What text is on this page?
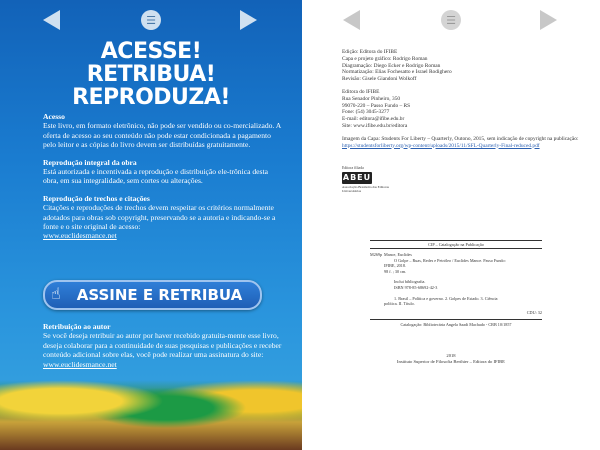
☰
ACESSE!
RETRIBUA!
REPRODUZA!
Acesso
Este livro, em formato eletrônico, não pode ser vendido ou co-mercializado. A oferta de acesso ao seu conteúdo não pode estar condicionada a pagamento pelo leitor e as cópias do livro devem ser distribuídas gratuitamente.
Reprodução integral da obra
Está autorizada e incentivada a reprodução e distribuição ele-trônica desta obra, em sua integralidade, sem cortes ou alterações.
Reprodução de trechos e citações
Citações e reproduções de trechos devem respeitar os critérios normalmente adotados para obras sob copyright, preservando se a autoria e indicando-se a fonte e o site original de acesso:
www.euclidesmance.net
☝ ASSINE E RETRIBUA
Retribuição ao autor
Se você deseja retribuir ao autor por haver recebido gratuita-mente esse livro, deseja colaborar para a continuidade de suas pesquisas e publicações e receber conteúdo adicional sobre elas, você pode realizar uma assinatura do site:
www.euclidesmance.net
☰

Edição: Editora do IFIBE
Capa e projeto gráfico: Rodrigo Roman
Diagramação: Diego Ecker e Rodrigo Roman
Normatização: Elias Fochesatto e Israel Rodighero
Revisão: Gisele Giandoni Wolkoff

Editora do IFIBE
Rua Senador Pinheiro, 350
99070-220 – Passo Fundo – RS
Fone: (54) 3045-3277
E-mail: editora@ifibe.edu.br
Site: www.ifibe.edu.br/editora

Imagem da Capa: Students For Liberty – Quarterly, Outono, 2015, sem indicação de copyright na publicação: https://studentsforliberty.org/wp-content/uploads/2015/11/SFL-Quarterly-Final-reduced.pdf

Editora filiada
ABEU
Associação Brasileira das Editoras Universitárias
CIP – Catalogação na Publicação
M269p Mance, Euclides

O Golpe – Ruas, Redes e Petróleo / Euclides Mance. Passo Fundo:

IFIBE, 2018.

98 f. ; 30 cm.

Inclui bibliografia.

ISBN 978-85-68692-42-3

1. Brasil – Política e governo. 2. Golpes de Estado. 3. Ciência

política. II. Título.

CDU: 32
Catalogação: Bibliotecária Angela Saadi Machado - CRB 10/1857
2018
Instituto Superior de Filosofia Berthier – Editora do IFIBE
